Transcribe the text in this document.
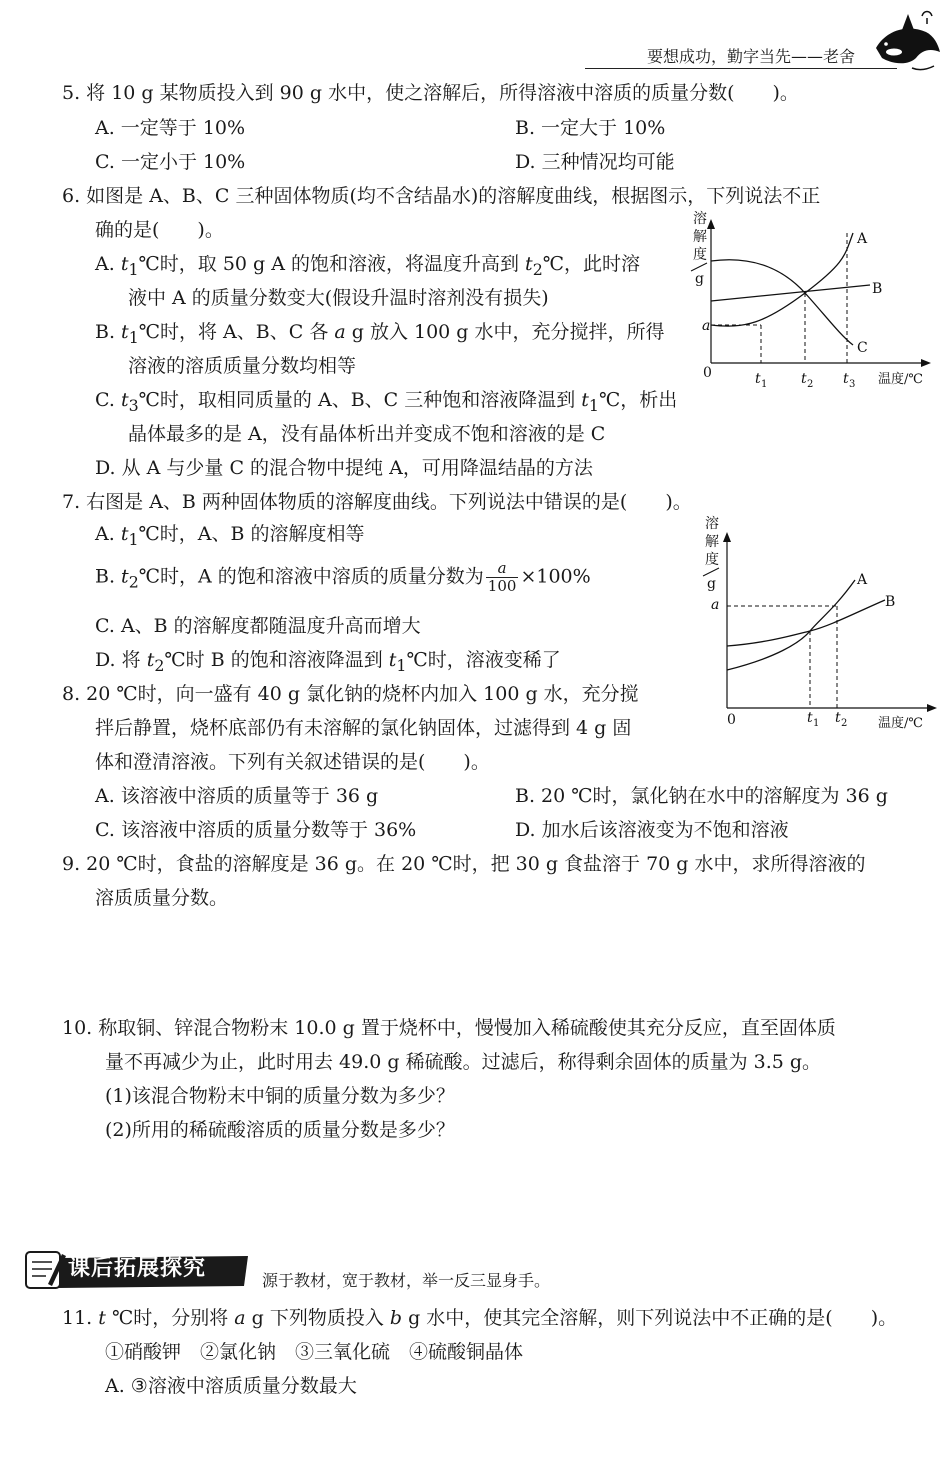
要想成功，勤字当先——老舍
5. 将 10 g 某物质投入到 90 g 水中，使之溶解后，所得溶液中溶质的质量分数(　　)。
A. 一定等于 10%	B. 一定大于 10%
C. 一定小于 10%	D. 三种情况均可能
6. 如图是 A、B、C 三种固体物质(均不含结晶水)的溶解度曲线，根据图示，下列说法不正
确的是(　　)。
A. $t_1℃$时，取 50 g A 的饱和溶液，将温度升高到 $t_2℃$，此时溶
液中 A 的质量分数变大(假设升温时溶剂没有损失)
B. $t_1℃$时，将 A、B、C 各 a g 放入 100 g 水中，充分搅拌，所得
溶液的溶质质量分数均相等
C. $t_3℃$时，取相同质量的 A、B、C 三种饱和溶液降温到 $t_1℃$，析出
晶体最多的是 A，没有晶体析出并变成不饱和溶液的是 C
D. 从 A 与少量 C 的混合物中提纯 A，可用降温结晶的方法
溶
解
度
g
a
0	t 1 t 2 t 3 温度/℃
A
B
C
7. 右图是 A、B 两种固体物质的溶解度曲线。下列说法中错误的是(　　)。
A. $t_1℃$时，A、B 的溶解度相等
B. $t_2℃$时，A 的饱和溶液中溶质的质量分数为 $\frac{a}{100} \times 100\%$
C. A、B 的溶解度都随温度升高而增大
D. 将 $t_2℃$时 B 的饱和溶液降温到 $t_1℃$时，溶液变稀了
溶
解
度
g
a
0	t 1 t 2 温度/℃
A
B
8. 20 ℃时，向一盛有 40 g 氯化钠的烧杯内加入 100 g 水，充分搅
拌后静置，烧杯底部仍有未溶解的氯化钠固体，过滤得到 4 g 固
体和澄清溶液。下列有关叙述错误的是(　　)。
A. 该溶液中溶质的质量等于 36 g	B. 20 ℃时，氯化钠在水中的溶解度为 36 g
C. 该溶液中溶质的质量分数等于 36%	D. 加水后该溶液变为不饱和溶液
9. 20 ℃时，食盐的溶解度是 36 g。在 20 ℃时，把 30 g 食盐溶于 70 g 水中，求所得溶液的
溶质质量分数。
10. 称取铜、锌混合物粉末 10.0 g 置于烧杯中，慢慢加入稀硫酸使其充分反应，直至固体质
量不再减少为止，此时用去 49.0 g 稀硫酸。过滤后，称得剩余固体的质量为 3.5 g。
(1)该混合物粉末中铜的质量分数为多少？
(2)所用的稀硫酸溶质的质量分数是多少？
课后拓展探究	源于教材，宽于教材，举一反三显身手。
11. t ℃时，分别将 a g 下列物质投入 b g 水中，使其完全溶解，则下列说法中不正确的是(　　)。
①硝酸钾　②氯化钠　③三氧化硫　④硫酸铜晶体
A. ③溶液中溶质质量分数最大
